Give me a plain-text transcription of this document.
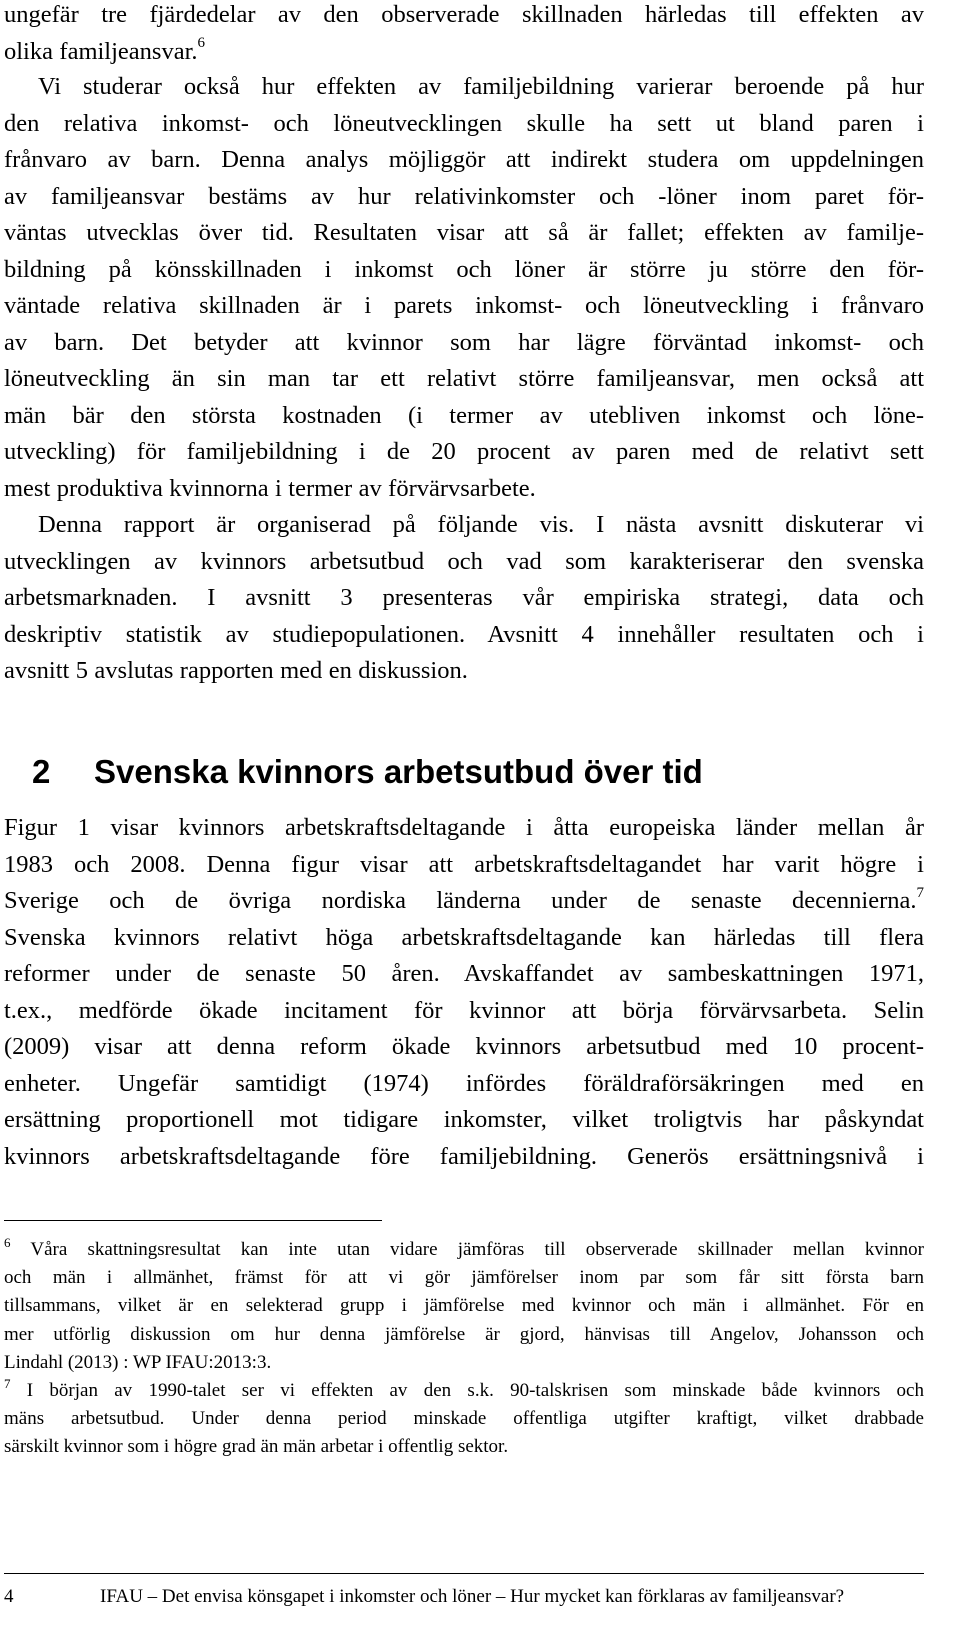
ungefär tre fjärdedelar av den observerade skillnaden härledas till effekten av
olika familjeansvar.$^6$
Vi studerar också hur effekten av familjebildning varierar beroende på hur
den relativa inkomst- och löneutvecklingen skulle ha sett ut bland paren i
frånvaro av barn. Denna analys möjliggör att indirekt studera om uppdelningen
av familjeansvar bestäms av hur relativinkomster och -löner inom paret för-
väntas utvecklas över tid. Resultaten visar att så är fallet; effekten av familje-
bildning på könsskillnaden i inkomst och löner är större ju större den för-
väntade relativa skillnaden är i parets inkomst- och löneutveckling i frånvaro
av barn. Det betyder att kvinnor som har lägre förväntad inkomst- och
löneutveckling än sin man tar ett relativt större familjeansvar, men också att
män bär den största kostnaden (i termer av utebliven inkomst och löne-
utveckling) för familjebildning i de 20 procent av paren med de relativt sett
mest produktiva kvinnorna i termer av förvärvsarbete.
Denna rapport är organiserad på följande vis. I nästa avsnitt diskuterar vi
utvecklingen av kvinnors arbetsutbud och vad som karakteriserar den svenska
arbetsmarknaden. I avsnitt 3 presenteras vår empiriska strategi, data och
deskriptiv statistik av studiepopulationen. Avsnitt 4 innehåller resultaten och i
avsnitt 5 avslutas rapporten med en diskussion.
2 Svenska kvinnors arbetsutbud över tid
Figur 1 visar kvinnors arbetskraftsdeltagande i åtta europeiska länder mellan år
1983 och 2008. Denna figur visar att arbetskraftsdeltagandet har varit högre i
Sverige och de övriga nordiska länderna under de senaste decennierna.$^7$
Svenska kvinnors relativt höga arbetskraftsdeltagande kan härledas till flera
reformer under de senaste 50 åren. Avskaffandet av sambeskattningen 1971,
t.ex., medförde ökade incitament för kvinnor att börja förvärvsarbeta. Selin
(2009) visar att denna reform ökade kvinnors arbetsutbud med 10 procent-
enheter. Ungefär samtidigt (1974) infördes föräldraförsäkringen med en
ersättning proportionell mot tidigare inkomster, vilket troligtvis har påskyndat
kvinnors arbetskraftsdeltagande före familjebildning. Generös ersättningsnivå i
$^6$ Våra skattningsresultat kan inte utan vidare jämföras till observerade skillnader mellan kvinnor
och män i allmänhet, främst för att vi gör jämförelser inom par som får sitt första barn
tillsammans, vilket är en selekterad grupp i jämförelse med kvinnor och män i allmänhet. För en
mer utförlig diskussion om hur denna jämförelse är gjord, hänvisas till Angelov, Johansson och
Lindahl (2013) : WP IFAU:2013:3.
$^7$ I början av 1990-talet ser vi effekten av den s.k. 90-talskrisen som minskade både kvinnors och
mäns arbetsutbud. Under denna period minskade offentliga utgifter kraftigt, vilket drabbade
särskilt kvinnor som i högre grad än män arbetar i offentlig sektor.
4	IFAU – Det envisa könsgapet i inkomster och löner – Hur mycket kan förklaras av familjeansvar?
